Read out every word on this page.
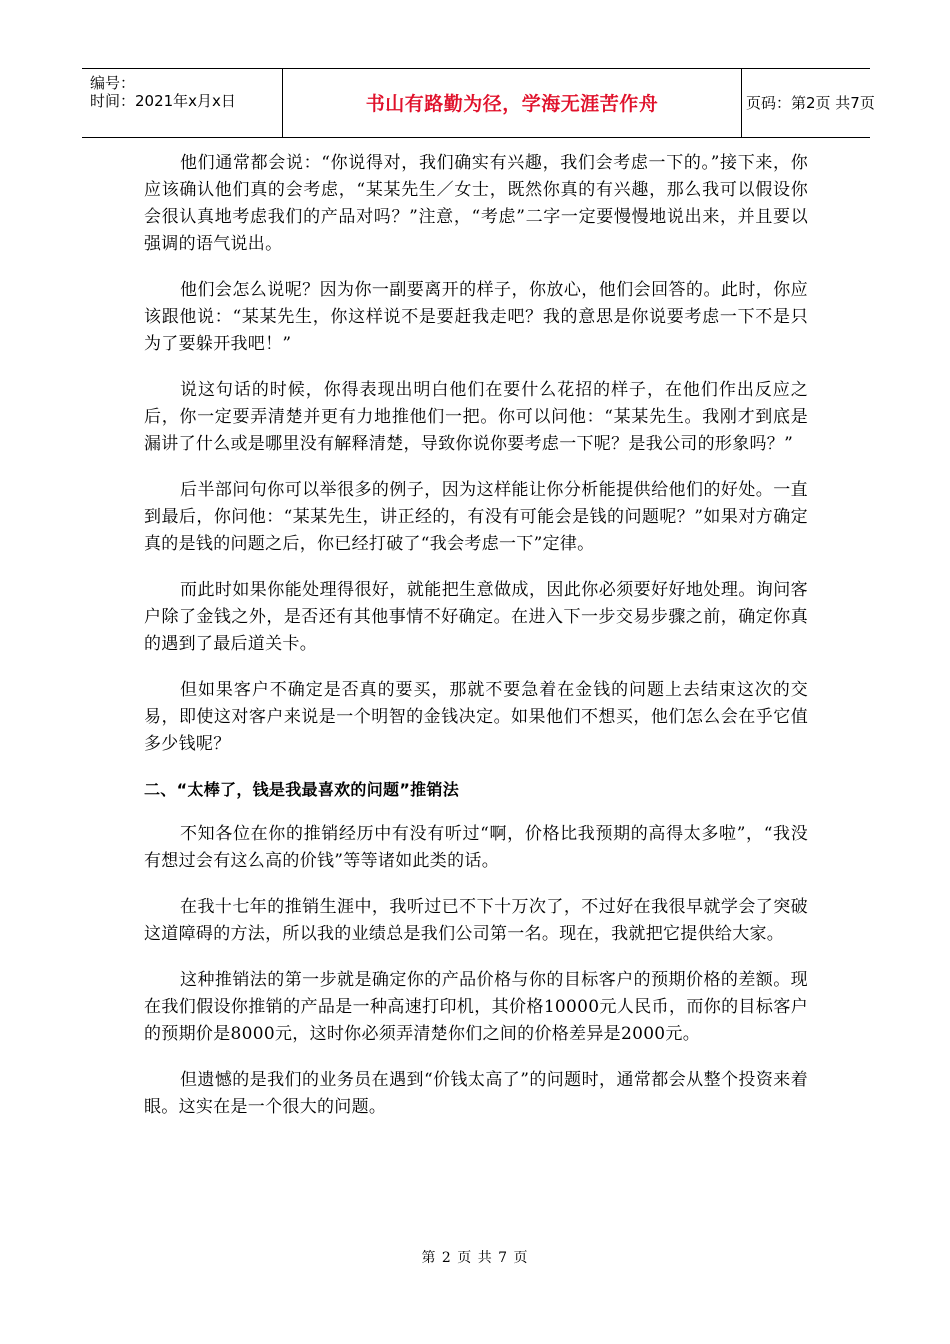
编号：
时间：2021年x月x日	书山有路勤为径，学海无涯苦作舟	页码：第2页 共7页

他们通常都会说：“你说得对，我们确实有兴趣，我们会考虑一下的。”接下来，你应该确认他们真的会考虑，“某某先生／女士，既然你真的有兴趣，那么我可以假设你会很认真地考虑我们的产品对吗？”注意，“考虑”二字一定要慢慢地说出来，并且要以强调的语气说出。

他们会怎么说呢？因为你一副要离开的样子，你放心，他们会回答的。此时，你应该跟他说：“某某先生，你这样说不是要赶我走吧？我的意思是你说要考虑一下不是只为了要躲开我吧！”

说这句话的时候，你得表现出明白他们在要什么花招的样子，在他们作出反应之后，你一定要弄清楚并更有力地推他们一把。你可以问他：“某某先生。我刚才到底是漏讲了什么或是哪里没有解释清楚，导致你说你要考虑一下呢？是我公司的形象吗？”

后半部问句你可以举很多的例子，因为这样能让你分析能提供给他们的好处。一直到最后，你问他：“某某先生，讲正经的，有没有可能会是钱的问题呢？”如果对方确定真的是钱的问题之后，你已经打破了“我会考虑一下”定律。

而此时如果你能处理得很好，就能把生意做成，因此你必须要好好地处理。询问客户除了金钱之外，是否还有其他事情不好确定。在进入下一步交易步骤之前，确定你真的遇到了最后道关卡。

但如果客户不确定是否真的要买，那就不要急着在金钱的问题上去结束这次的交易，即使这对客户来说是一个明智的金钱决定。如果他们不想买，他们怎么会在乎它值多少钱呢？

二、“太棒了，钱是我最喜欢的问题”推销法

不知各位在你的推销经历中有没有听过“啊，价格比我预期的高得太多啦”，“我没有想过会有这么高的价钱”等等诸如此类的话。

在我十七年的推销生涯中，我听过已不下十万次了，不过好在我很早就学会了突破这道障碍的方法，所以我的业绩总是我们公司第一名。现在，我就把它提供给大家。

这种推销法的第一步就是确定你的产品价格与你的目标客户的预期价格的差额。现在我们假设你推销的产品是一种高速打印机，其价格10000元人民币，而你的目标客户的预期价是8000元，这时你必须弄清楚你们之间的价格差异是2000元。

但遗憾的是我们的业务员在遇到“价钱太高了”的问题时，通常都会从整个投资来着眼。这实在是一个很大的问题。

第 2 页 共 7 页
